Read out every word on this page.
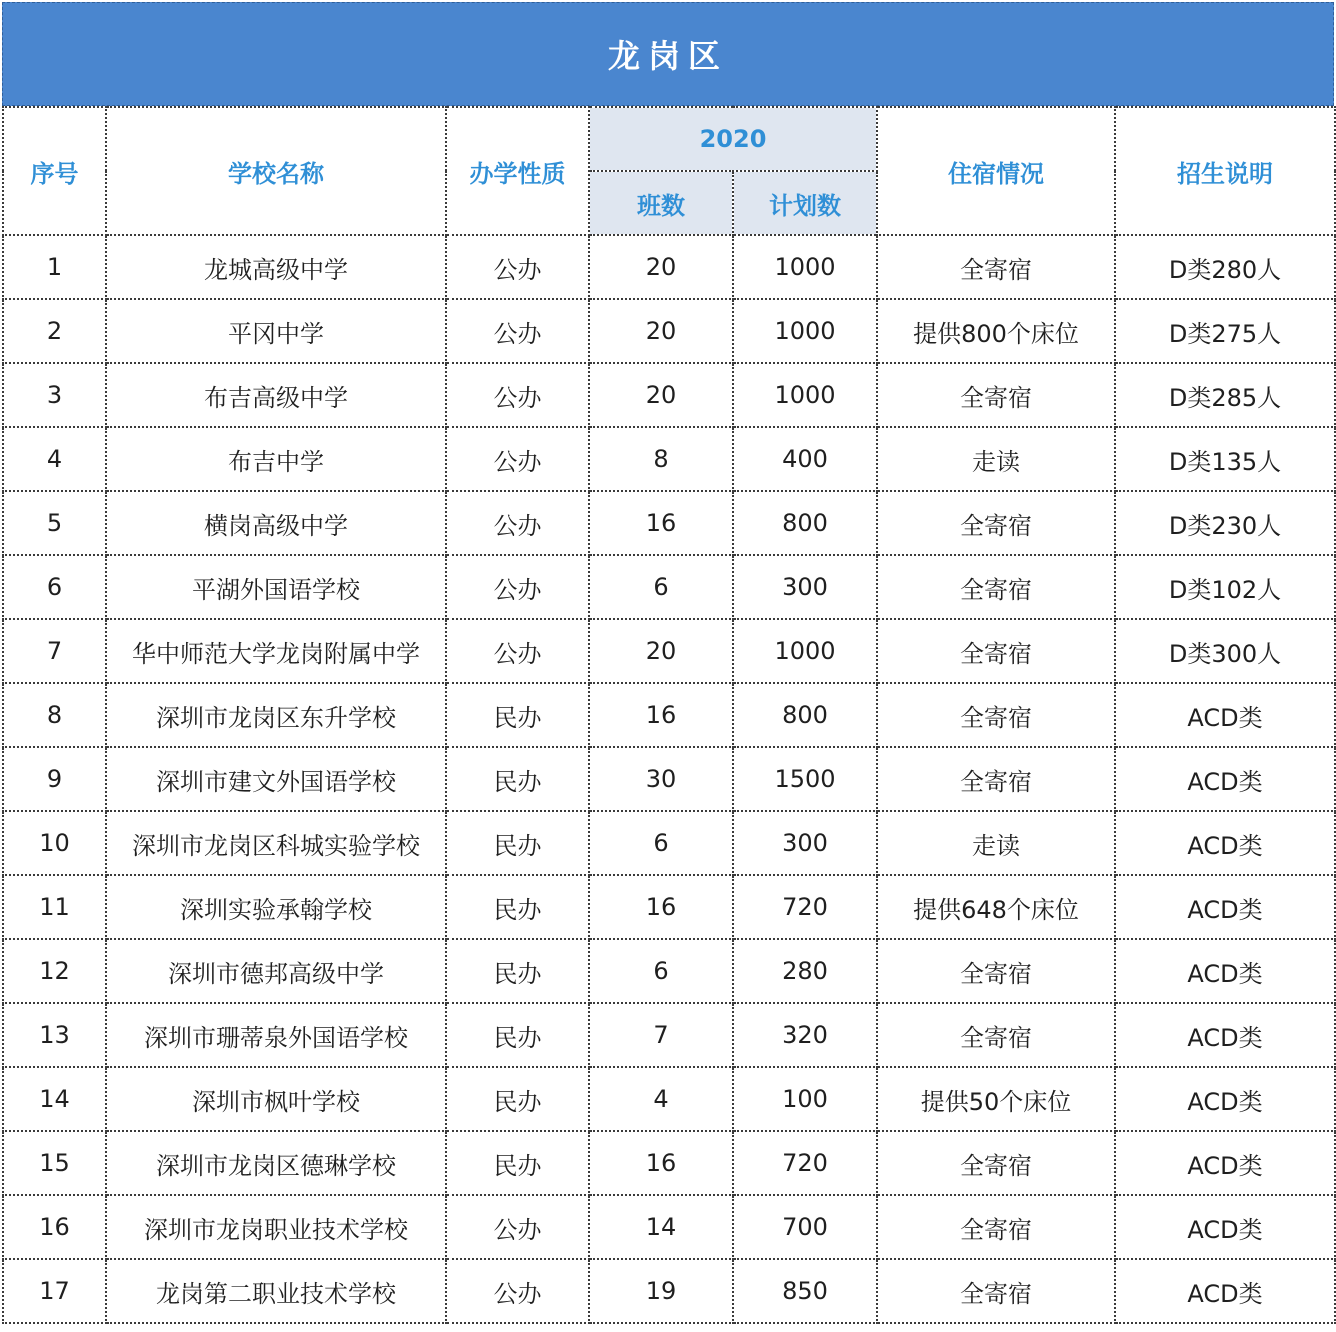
龙岗区
序号	学校名称	办学性质	2020		住宿情况	招生说明
			班数	计划数		
1	龙城高级中学	公办	20	1000	全寄宿	D类280人
2	平冈中学	公办	20	1000	提供800个床位	D类275人
3	布吉高级中学	公办	20	1000	全寄宿	D类285人
4	布吉中学	公办	8	400	走读	D类135人
5	横岗高级中学	公办	16	800	全寄宿	D类230人
6	平湖外国语学校	公办	6	300	全寄宿	D类102人
7	华中师范大学龙岗附属中学	公办	20	1000	全寄宿	D类300人
8	深圳市龙岗区东升学校	民办	16	800	全寄宿	ACD类
9	深圳市建文外国语学校	民办	30	1500	全寄宿	ACD类
10	深圳市龙岗区科城实验学校	民办	6	300	走读	ACD类
11	深圳实验承翰学校	民办	16	720	提供648个床位	ACD类
12	深圳市德邦高级中学	民办	6	280	全寄宿	ACD类
13	深圳市珊蒂泉外国语学校	民办	7	320	全寄宿	ACD类
14	深圳市枫叶学校	民办	4	100	提供50个床位	ACD类
15	深圳市龙岗区德琳学校	民办	16	720	全寄宿	ACD类
16	深圳市龙岗职业技术学校	公办	14	700	全寄宿	ACD类
17	龙岗第二职业技术学校	公办	19	850	全寄宿	ACD类
